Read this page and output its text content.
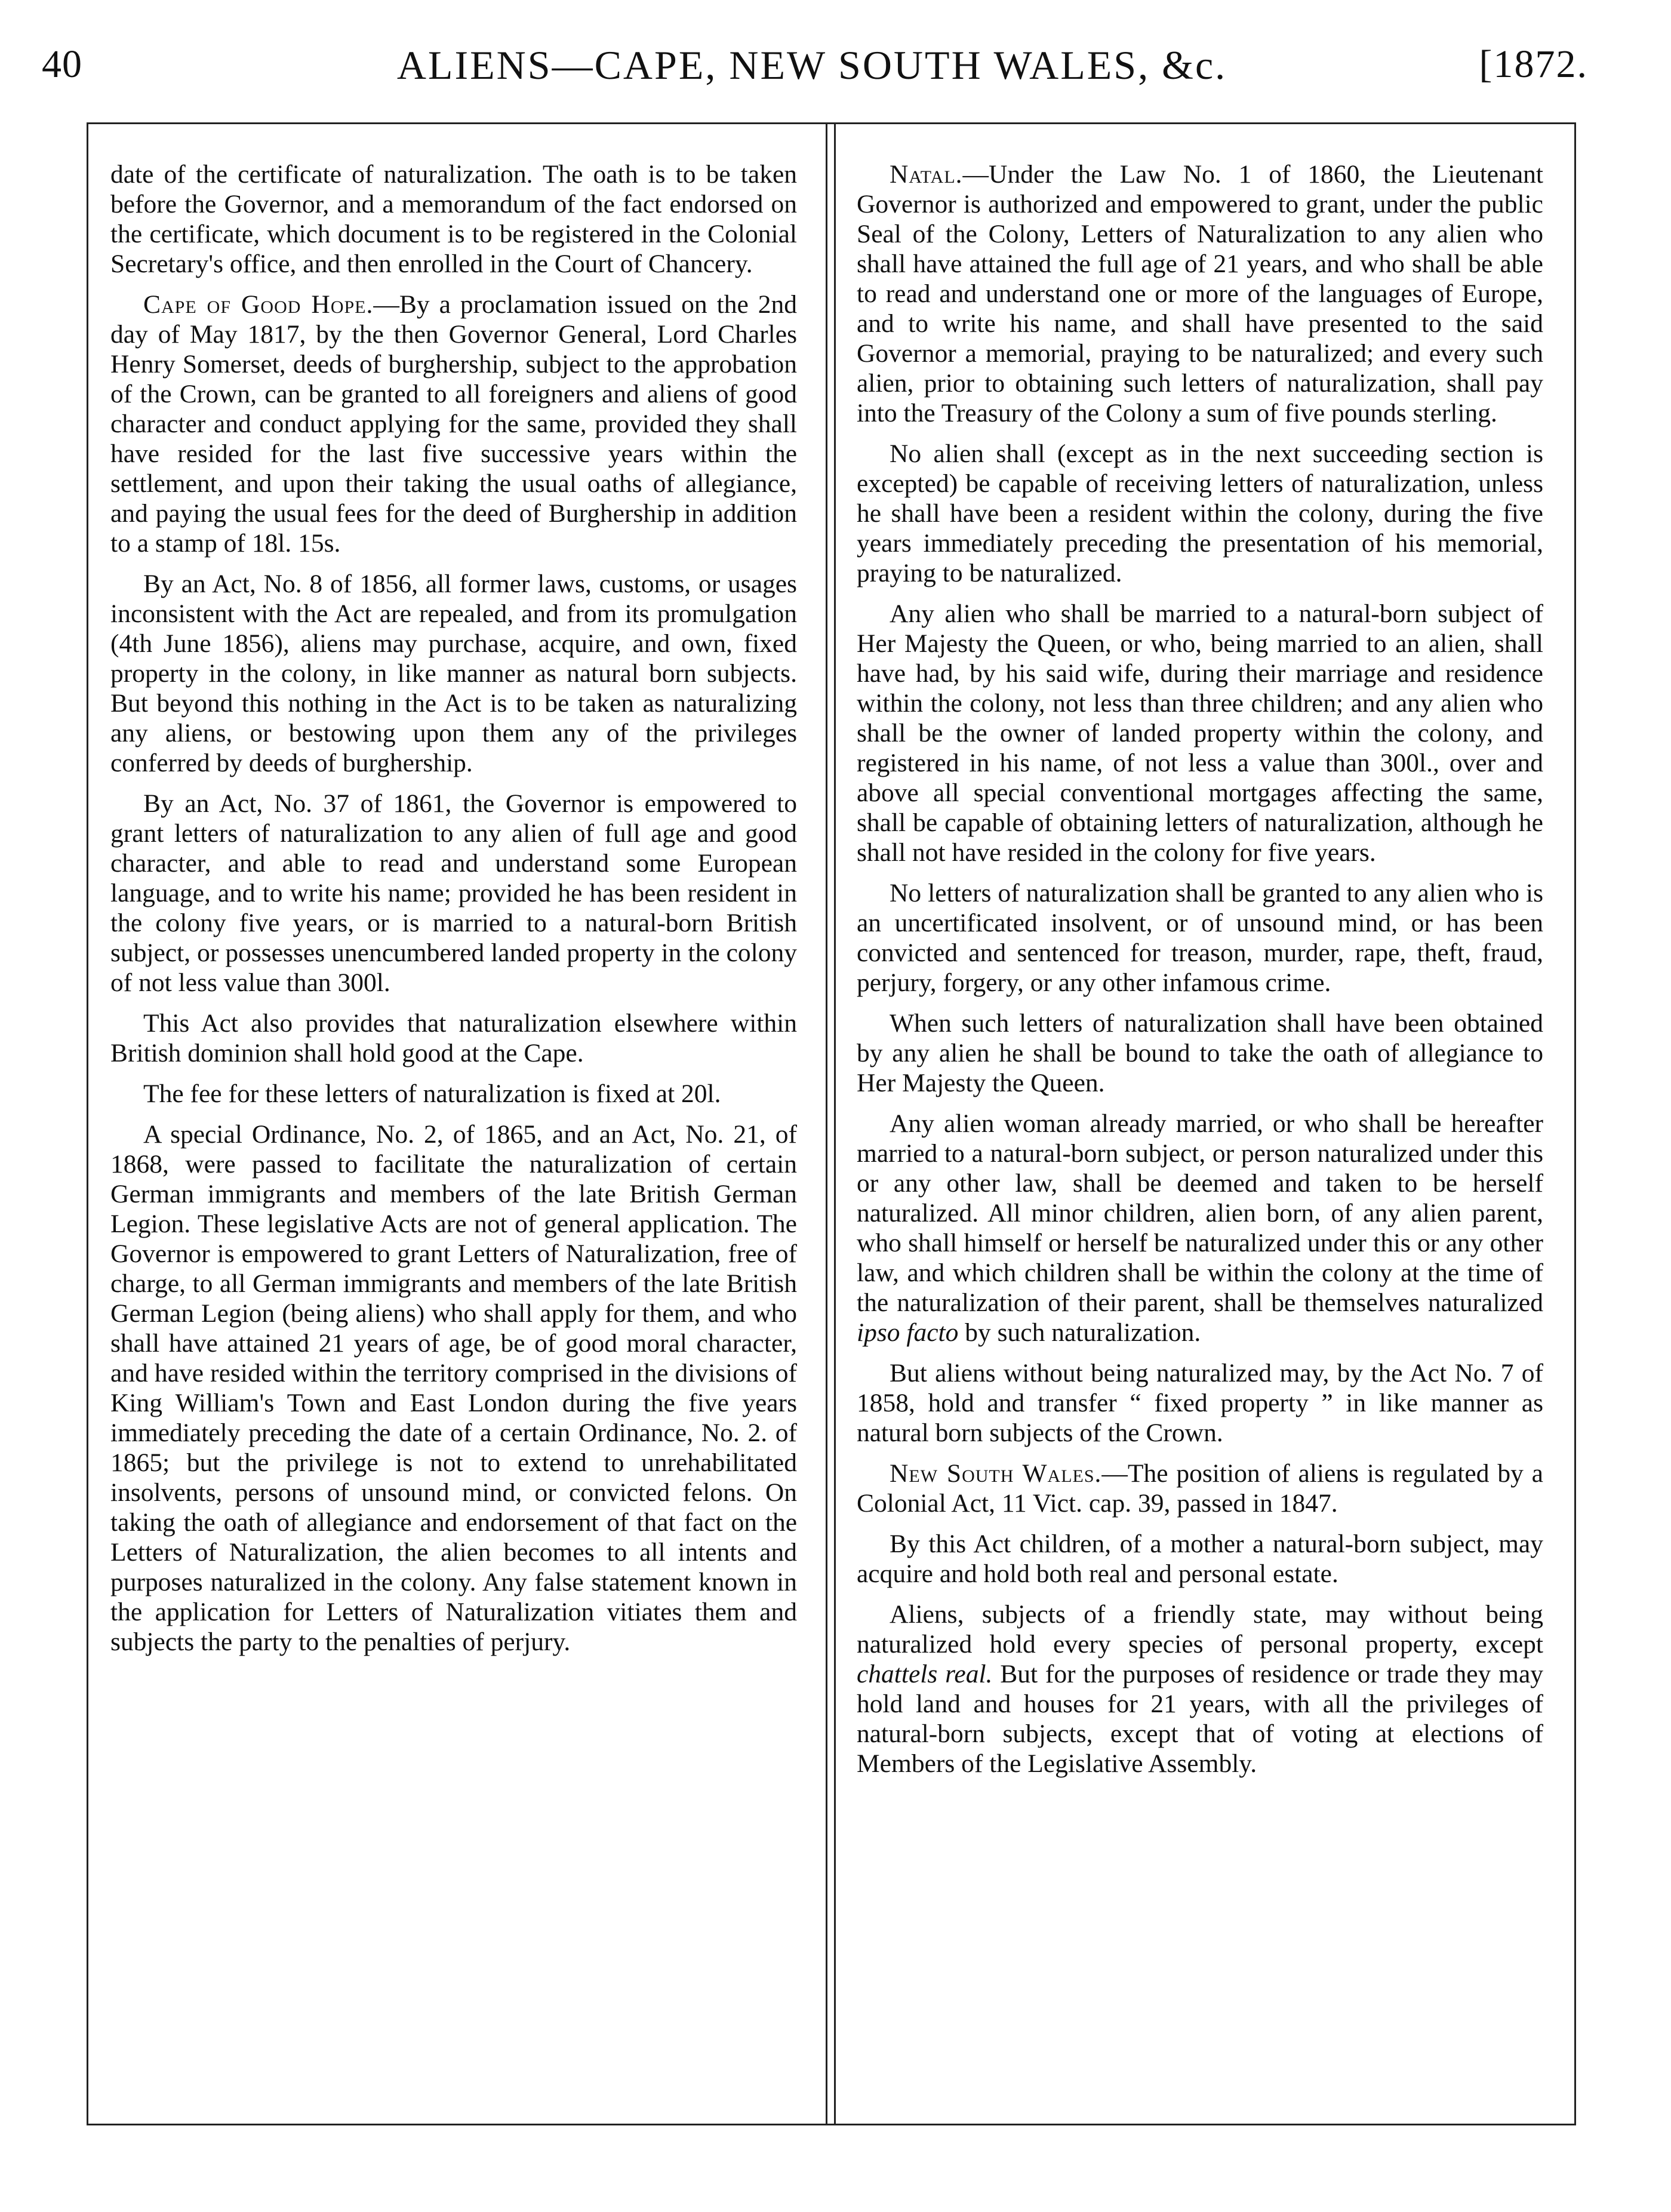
40	ALIENS—CAPE, NEW SOUTH WALES, &c.	[1872.

date of the certificate of naturalization. The oath is to be taken before the Governor, and a memorandum of the fact endorsed on the certificate, which document is to be registered in the Colonial Secretary's office, and then enrolled in the Court of Chancery.

Cape of Good Hope.—By a proclamation issued on the 2nd day of May 1817, by the then Governor General, Lord Charles Henry Somerset, deeds of burghership, subject to the approbation of the Crown, can be granted to all foreigners and aliens of good character and conduct applying for the same, provided they shall have resided for the last five successive years within the settlement, and upon their taking the usual oaths of allegiance, and paying the usual fees for the deed of Burghership in addition to a stamp of 18l. 15s.

By an Act, No. 8 of 1856, all former laws, customs, or usages inconsistent with the Act are repealed, and from its promulgation (4th June 1856), aliens may purchase, acquire, and own, fixed property in the colony, in like manner as natural born subjects. But beyond this nothing in the Act is to be taken as naturalizing any aliens, or bestowing upon them any of the privileges conferred by deeds of burghership.

By an Act, No. 37 of 1861, the Governor is empowered to grant letters of naturalization to any alien of full age and good character, and able to read and understand some European language, and to write his name; provided he has been resident in the colony five years, or is married to a natural-born British subject, or possesses unencumbered landed property in the colony of not less value than 300l.

This Act also provides that naturalization elsewhere within British dominion shall hold good at the Cape.

The fee for these letters of naturalization is fixed at 20l.

A special Ordinance, No. 2, of 1865, and an Act, No. 21, of 1868, were passed to facilitate the naturalization of certain German immigrants and members of the late British German Legion. These legislative Acts are not of general application. The Governor is empowered to grant Letters of Naturalization, free of charge, to all German immigrants and members of the late British German Legion (being aliens) who shall apply for them, and who shall have attained 21 years of age, be of good moral character, and have resided within the territory comprised in the divisions of King William's Town and East London during the five years immediately preceding the date of a certain Ordinance, No. 2. of 1865; but the privilege is not to extend to unrehabilitated insolvents, persons of unsound mind, or convicted felons. On taking the oath of allegiance and endorsement of that fact on the Letters of Naturalization, the alien becomes to all intents and purposes naturalized in the colony. Any false statement known in the application for Letters of Naturalization vitiates them and subjects the party to the penalties of perjury.

Natal.—Under the Law No. 1 of 1860, the Lieutenant Governor is authorized and empowered to grant, under the public Seal of the Colony, Letters of Naturalization to any alien who shall have attained the full age of 21 years, and who shall be able to read and understand one or more of the languages of Europe, and to write his name, and shall have presented to the said Governor a memorial, praying to be naturalized; and every such alien, prior to obtaining such letters of naturalization, shall pay into the Treasury of the Colony a sum of five pounds sterling.

No alien shall (except as in the next succeeding section is excepted) be capable of receiving letters of naturalization, unless he shall have been a resident within the colony, during the five years immediately preceding the presentation of his memorial, praying to be naturalized.

Any alien who shall be married to a natural-born subject of Her Majesty the Queen, or who, being married to an alien, shall have had, by his said wife, during their marriage and residence within the colony, not less than three children; and any alien who shall be the owner of landed property within the colony, and registered in his name, of not less a value than 300l., over and above all special conventional mortgages affecting the same, shall be capable of obtaining letters of naturalization, although he shall not have resided in the colony for five years.

No letters of naturalization shall be granted to any alien who is an uncertificated insolvent, or of unsound mind, or has been convicted and sentenced for treason, murder, rape, theft, fraud, perjury, forgery, or any other infamous crime.

When such letters of naturalization shall have been obtained by any alien he shall be bound to take the oath of allegiance to Her Majesty the Queen.

Any alien woman already married, or who shall be hereafter married to a natural-born subject, or person naturalized under this or any other law, shall be deemed and taken to be herself naturalized. All minor children, alien born, of any alien parent, who shall himself or herself be naturalized under this or any other law, and which children shall be within the colony at the time of the naturalization of their parent, shall be themselves naturalized ipso facto by such naturalization.

But aliens without being naturalized may, by the Act No. 7 of 1858, hold and transfer “ fixed property ” in like manner as natural born subjects of the Crown.

New South Wales.—The position of aliens is regulated by a Colonial Act, 11 Vict. cap. 39, passed in 1847.

By this Act children, of a mother a natural-born subject, may acquire and hold both real and personal estate.

Aliens, subjects of a friendly state, may without being naturalized hold every species of personal property, except chattels real. But for the purposes of residence or trade they may hold land and houses for 21 years, with all the privileges of natural-born subjects, except that of voting at elections of Members of the Legislative Assembly.
